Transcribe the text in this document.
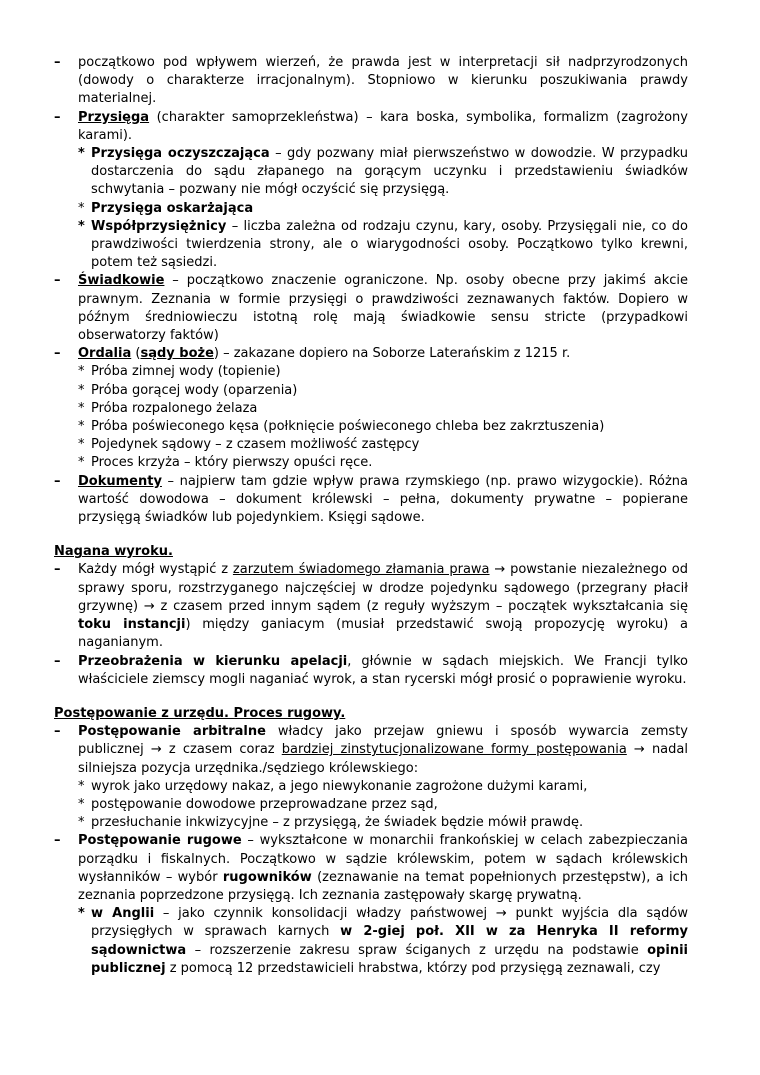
– początkowo pod wpływem wierzeń, że prawda jest w interpretacji sił nadprzyrodzonych (dowody o charakterze irracjonalnym). Stopniowo w kierunku poszukiwania prawdy materialnej.
– Przysięga (charakter samoprzekleństwa) – kara boska, symbolika, formalizm (zagrożony karami).
* Przysięga oczyszczająca – gdy pozwany miał pierwszeństwo w dowodzie. W przypadku dostarczenia do sądu złapanego na gorącym uczynku i przedstawieniu świadków schwytania – pozwany nie mógł oczyścić się przysięgą.
* Przysięga oskarżająca
* Współprzysiężnicy – liczba zależna od rodzaju czynu, kary, osoby. Przysięgali nie, co do prawdziwości twierdzenia strony, ale o wiarygodności osoby. Początkowo tylko krewni, potem też sąsiedzi.
– Świadkowie – początkowo znaczenie ograniczone. Np. osoby obecne przy jakimś akcie prawnym. Zeznania w formie przysięgi o prawdziwości zeznawanych faktów. Dopiero w późnym średniowieczu istotną rolę mają świadkowie sensu stricte (przypadkowi obserwatorzy faktów)
– Ordalia (sądy boże) – zakazane dopiero na Soborze Laterańskim z 1215 r.
* Próba zimnej wody (topienie)
* Próba gorącej wody (oparzenia)
* Próba rozpalonego żelaza
* Próba poświeconego kęsa (połknięcie poświeconego chleba bez zakrztuszenia)
* Pojedynek sądowy – z czasem możliwość zastępcy
* Proces krzyża – który pierwszy opuści ręce.
– Dokumenty – najpierw tam gdzie wpływ prawa rzymskiego (np. prawo wizygockie). Różna wartość dowodowa – dokument królewski – pełna, dokumenty prywatne – popierane przysięgą świadków lub pojedynkiem. Księgi sądowe.
Nagana wyroku.
– Każdy mógł wystąpić z zarzutem świadomego złamania prawa → powstanie niezależnego od sprawy sporu, rozstrzyganego najczęściej w drodze pojedynku sądowego (przegrany płacił grzywnę) → z czasem przed innym sądem (z reguły wyższym – początek wykształcania się toku instancji) między ganiacym (musiał przedstawić swoją propozycję wyroku) a naganianym.
– Przeobrażenia w kierunku apelacji, głównie w sądach miejskich. We Francji tylko właściciele ziemscy mogli naganiać wyrok, a stan rycerski mógł prosić o poprawienie wyroku.
Postępowanie z urzędu. Proces rugowy.
– Postępowanie arbitralne władcy jako przejaw gniewu i sposób wywarcia zemsty publicznej → z czasem coraz bardziej zinstytucjonalizowane formy postępowania → nadal silniejsza pozycja urzędnika./sędziego królewskiego:
* wyrok jako urzędowy nakaz, a jego niewykonanie zagrożone dużymi karami,
* postępowanie dowodowe przeprowadzane przez sąd,
* przesłuchanie inkwizycyjne – z przysięgą, że świadek będzie mówił prawdę.
– Postępowanie rugowe – wykształcone w monarchii frankońskiej w celach zabezpieczania porządku i fiskalnych. Początkowo w sądzie królewskim, potem w sądach królewskich wysłanników – wybór rugowników (zeznawanie na temat popełnionych przestępstw), a ich zeznania poprzedzone przysięgą. Ich zeznania zastępowały skargę prywatną.
* w Anglii – jako czynnik konsolidacji władzy państwowej → punkt wyjścia dla sądów przysięgłych w sprawach karnych w 2-giej poł. XII w za Henryka II reformy sądownictwa – rozszerzenie zakresu spraw ściganych z urzędu na podstawie opinii publicznej z pomocą 12 przedstawicieli hrabstwa, którzy pod przysięgą zeznawali, czy
